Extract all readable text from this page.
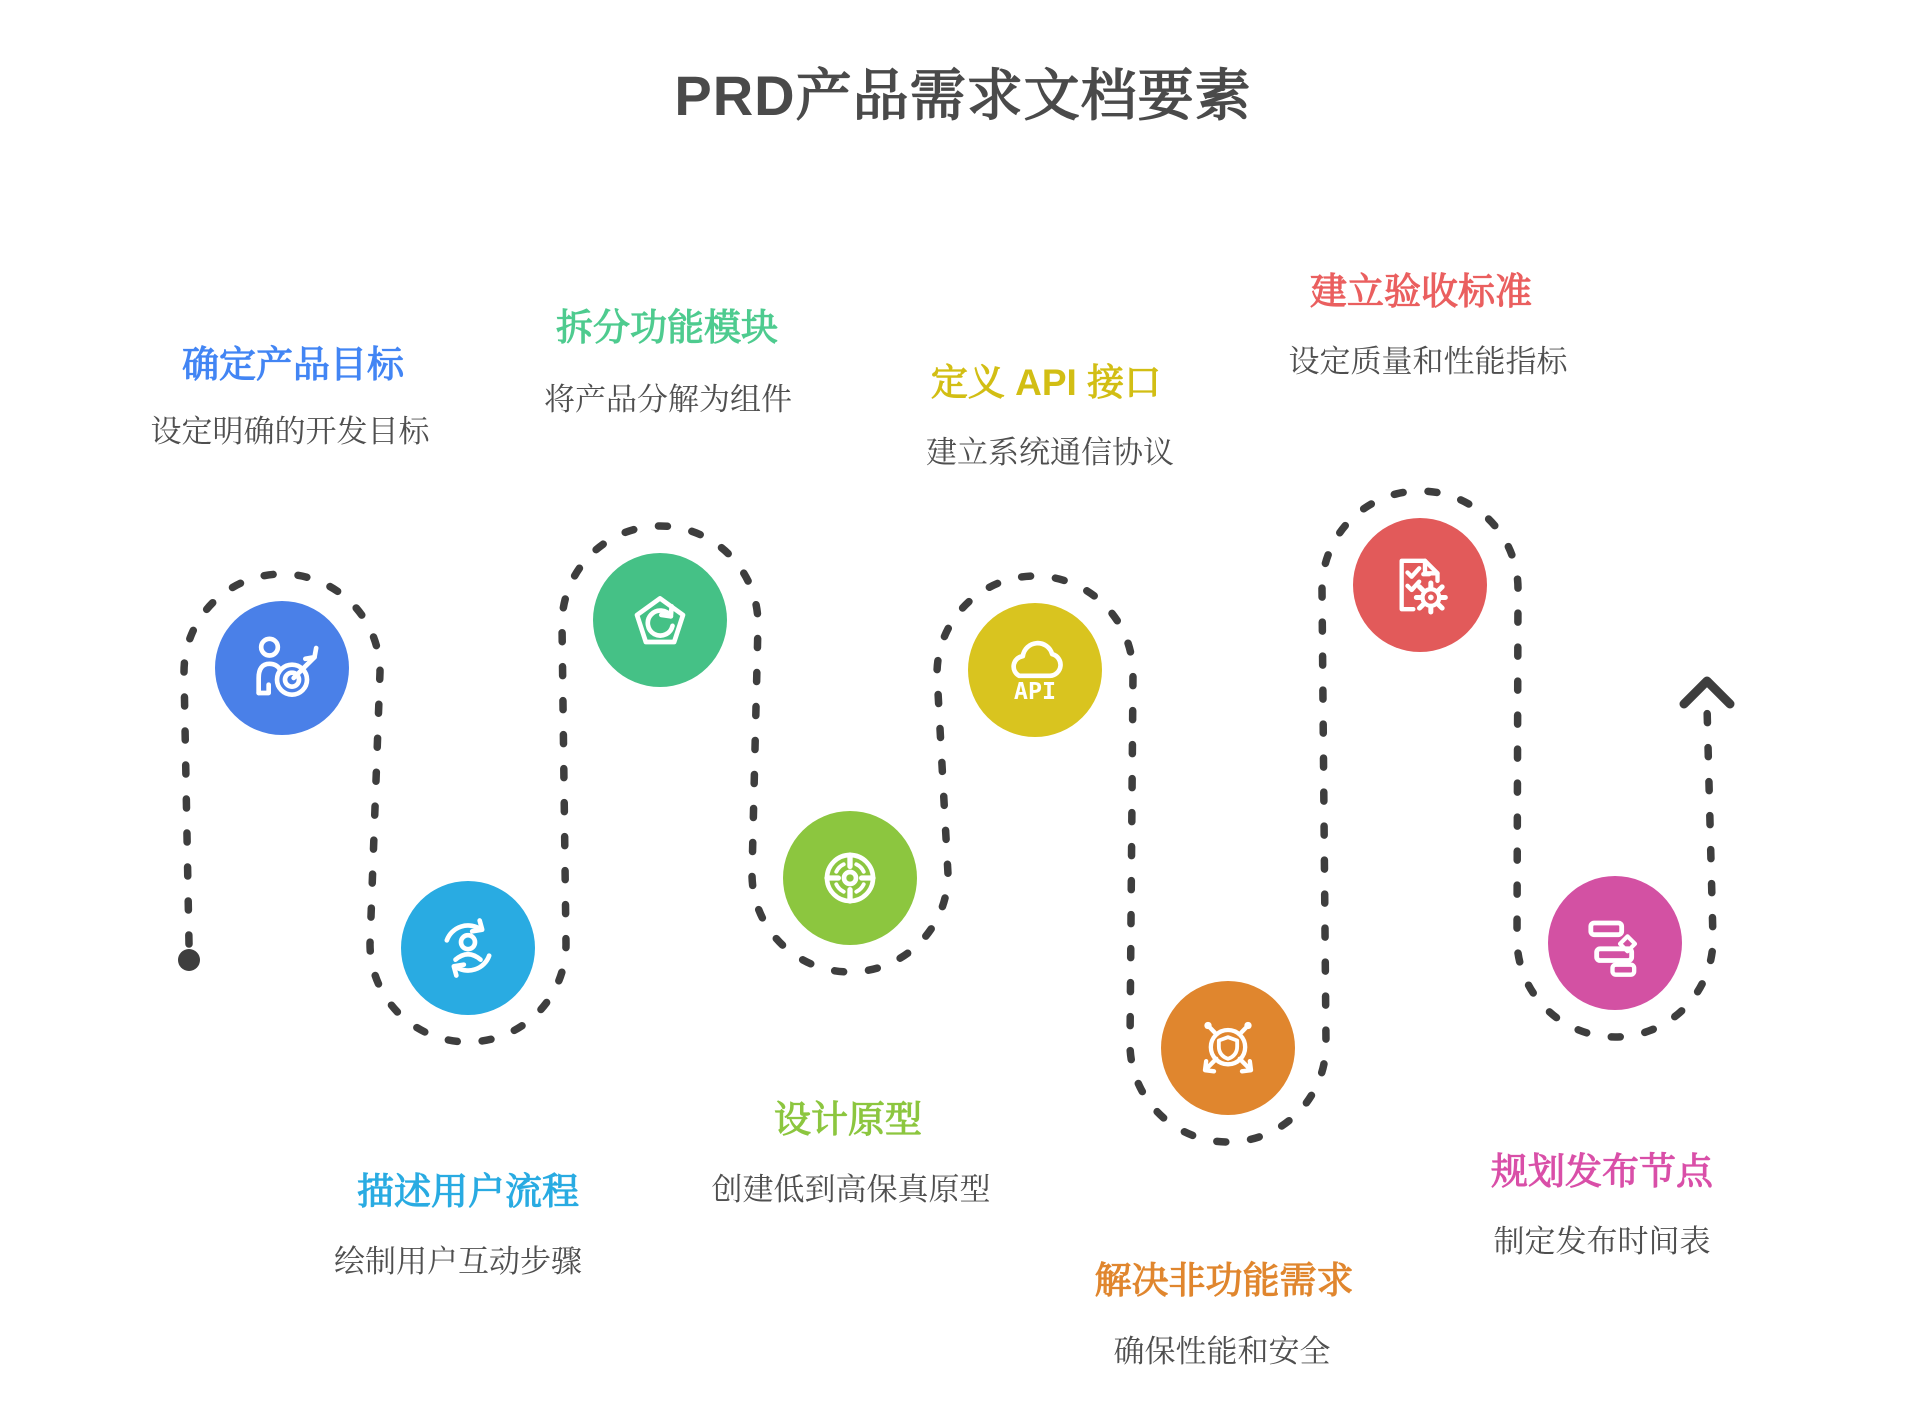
PRD产品需求文档要素
确定产品目标
设定明确的开发目标
描述用户流程
绘制用户互动步骤
拆分功能模块
将产品分解为组件
设计原型
创建低到高保真原型
定义 API 接口
建立系统通信协议
API
解决非功能需求
确保性能和安全
建立验收标准
设定质量和性能指标
规划发布节点
制定发布时间表
